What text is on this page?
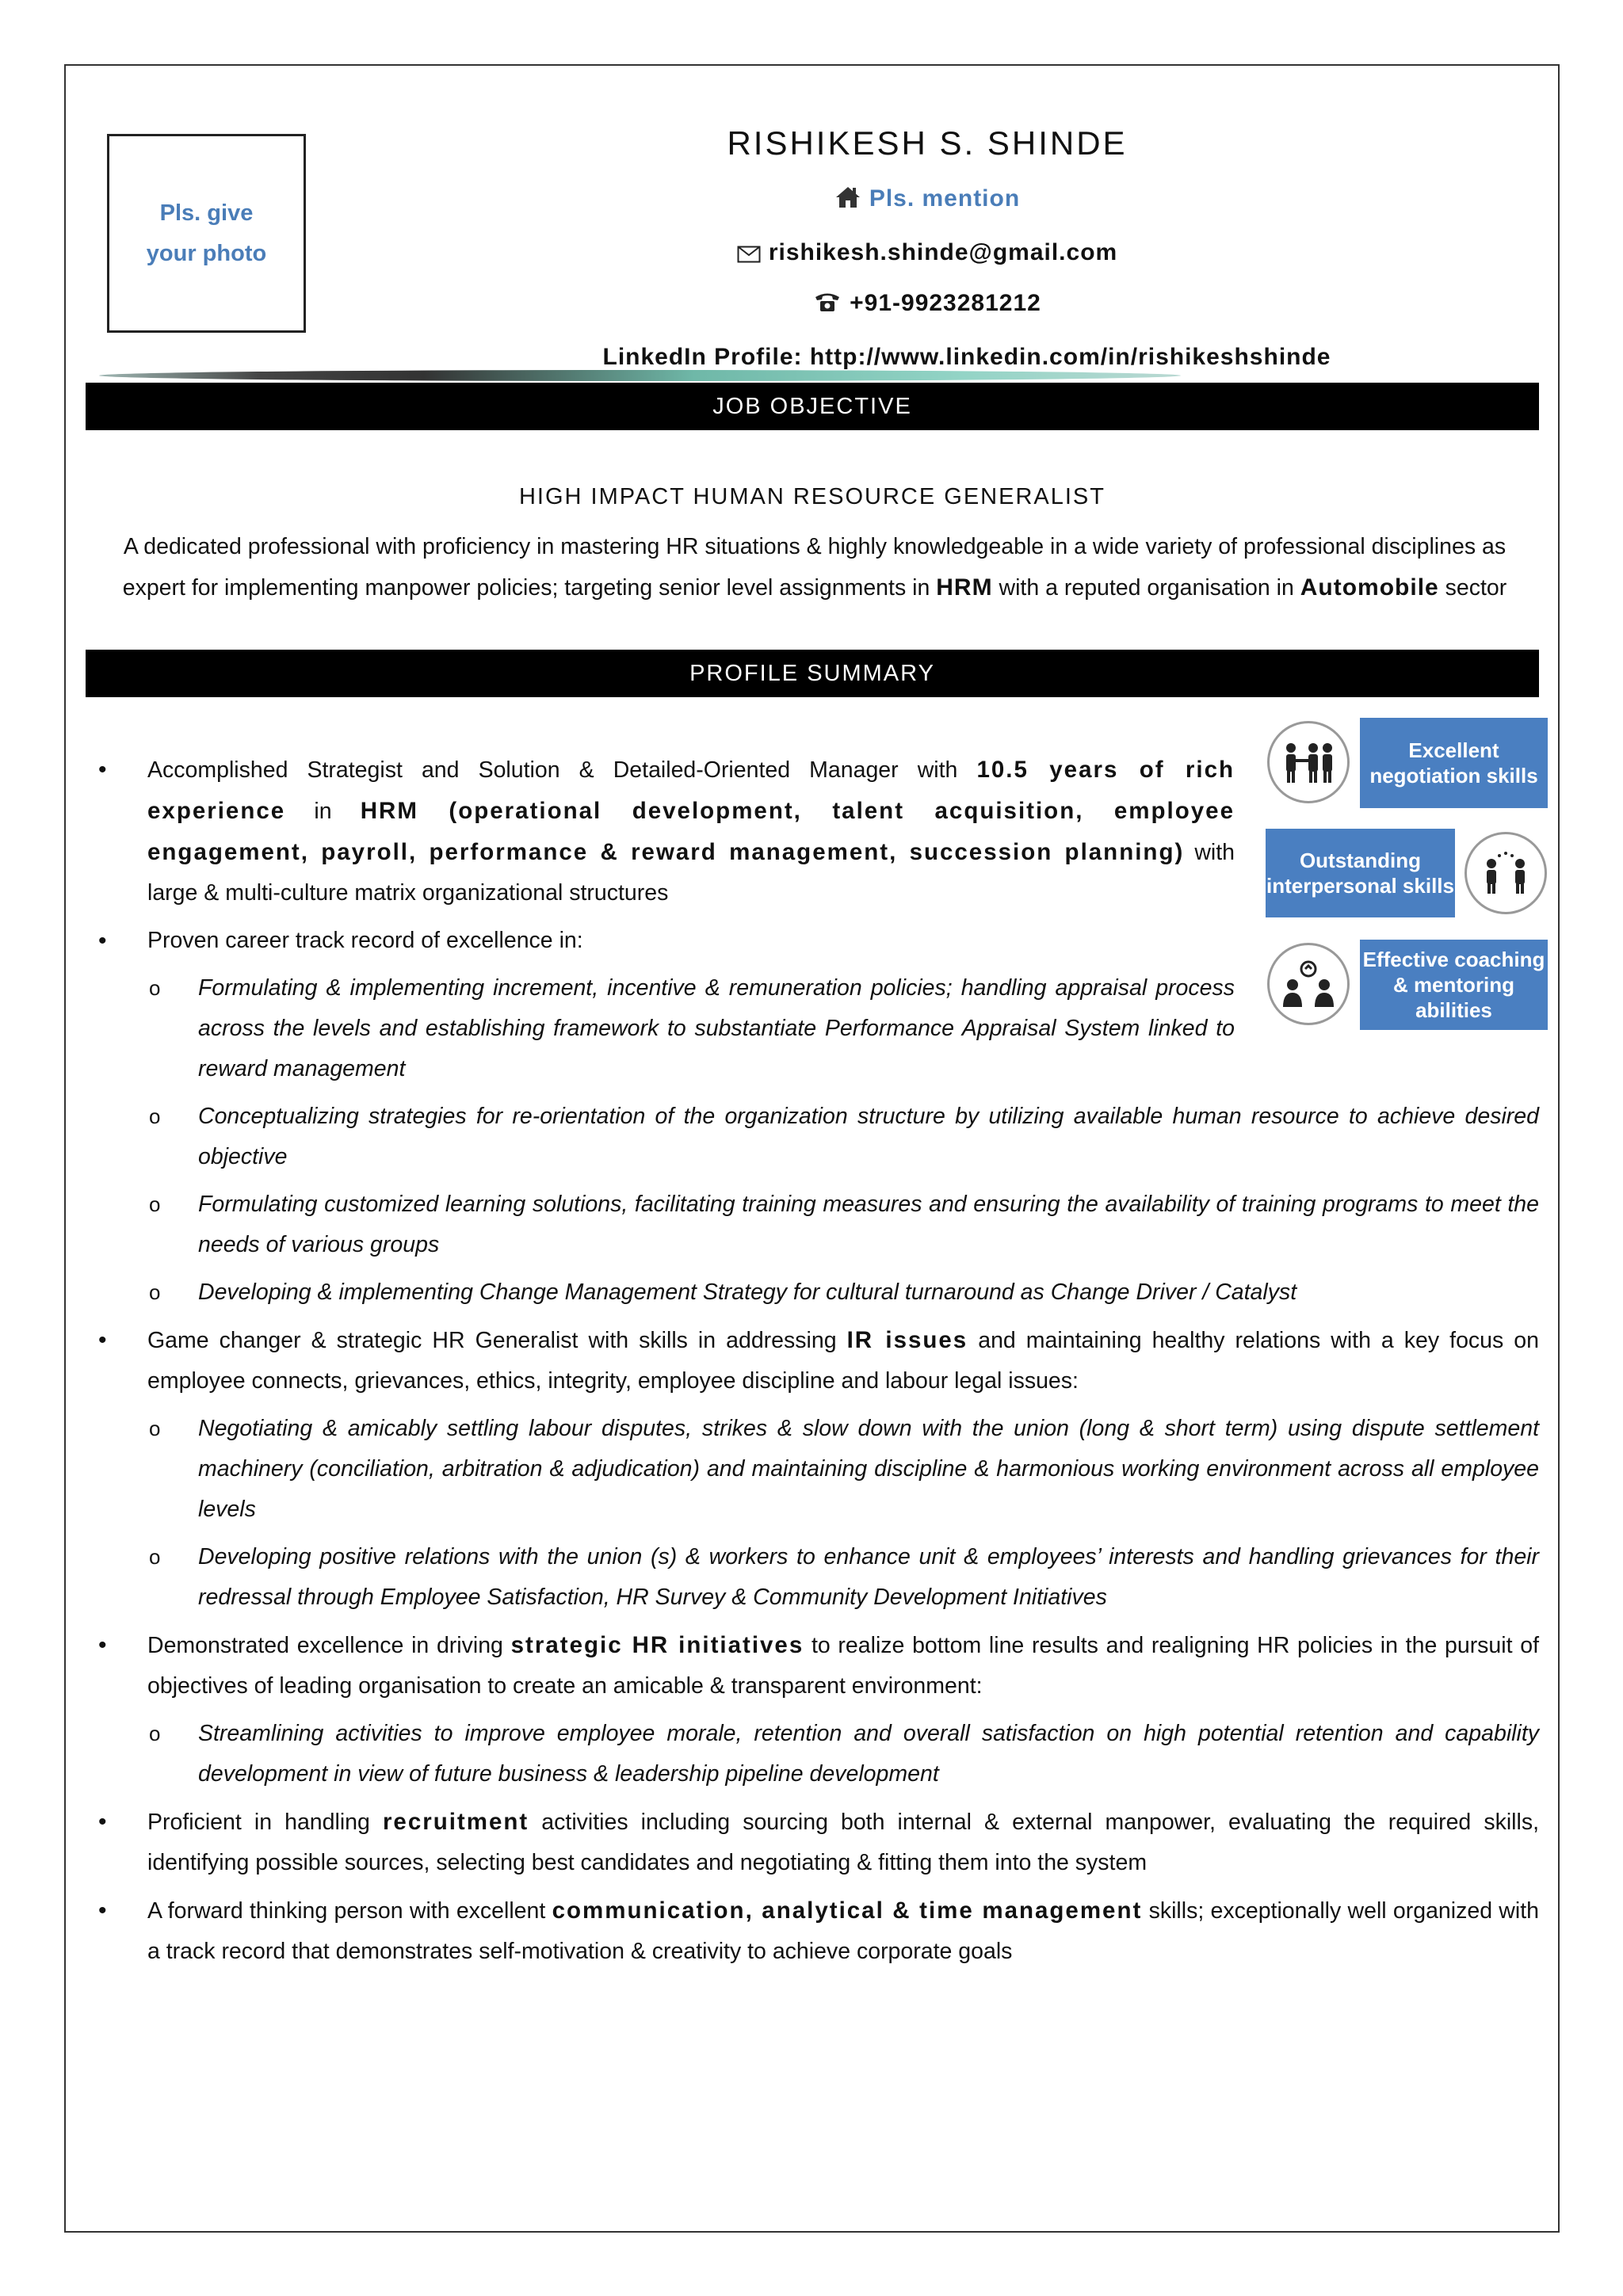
Pls. give
your photo
RISHIKESH S. SHINDE
Pls. mention
rishikesh.shinde@gmail.com
+91-9923281212
LinkedIn Profile: http://www.linkedin.com/in/rishikeshshinde
JOB OBJECTIVE
HIGH IMPACT HUMAN RESOURCE GENERALIST
A dedicated professional with proficiency in mastering HR situations & highly knowledgeable in a wide variety of professional disciplines as expert for implementing manpower policies; targeting senior level assignments in HRM with a reputed organisation in Automobile sector
PROFILE SUMMARY
Excellent negotiation skills
Outstanding interpersonal skills
Effective coaching & mentoring abilities
• Accomplished Strategist and Solution & Detailed-Oriented Manager with 10.5 years of rich experience in HRM (operational development, talent acquisition, employee engagement, payroll, performance & reward management, succession planning) with large & multi-culture matrix organizational structures
• Proven career track record of excellence in:
o Formulating & implementing increment, incentive & remuneration policies; handling appraisal process across the levels and establishing framework to substantiate Performance Appraisal System linked to reward management
o Conceptualizing strategies for re-orientation of the organization structure by utilizing available human resource to achieve desired objective
o Formulating customized learning solutions, facilitating training measures and ensuring the availability of training programs to meet the needs of various groups
o Developing & implementing Change Management Strategy for cultural turnaround as Change Driver / Catalyst
• Game changer & strategic HR Generalist with skills in addressing IR issues and maintaining healthy relations with a key focus on employee connects, grievances, ethics, integrity, employee discipline and labour legal issues:
o Negotiating & amicably settling labour disputes, strikes & slow down with the union (long & short term) using dispute settlement machinery (conciliation, arbitration & adjudication) and maintaining discipline & harmonious working environment across all employee levels
o Developing positive relations with the union (s) & workers to enhance unit & employees’ interests and handling grievances for their redressal through Employee Satisfaction, HR Survey & Community Development Initiatives
• Demonstrated excellence in driving strategic HR initiatives to realize bottom line results and realigning HR policies in the pursuit of objectives of leading organisation to create an amicable & transparent environment:
o Streamlining activities to improve employee morale, retention and overall satisfaction on high potential retention and capability development in view of future business & leadership pipeline development
• Proficient in handling recruitment activities including sourcing both internal & external manpower, evaluating the required skills, identifying possible sources, selecting best candidates and negotiating & fitting them into the system
• A forward thinking person with excellent communication, analytical & time management skills; exceptionally well organized with a track record that demonstrates self-motivation & creativity to achieve corporate goals
